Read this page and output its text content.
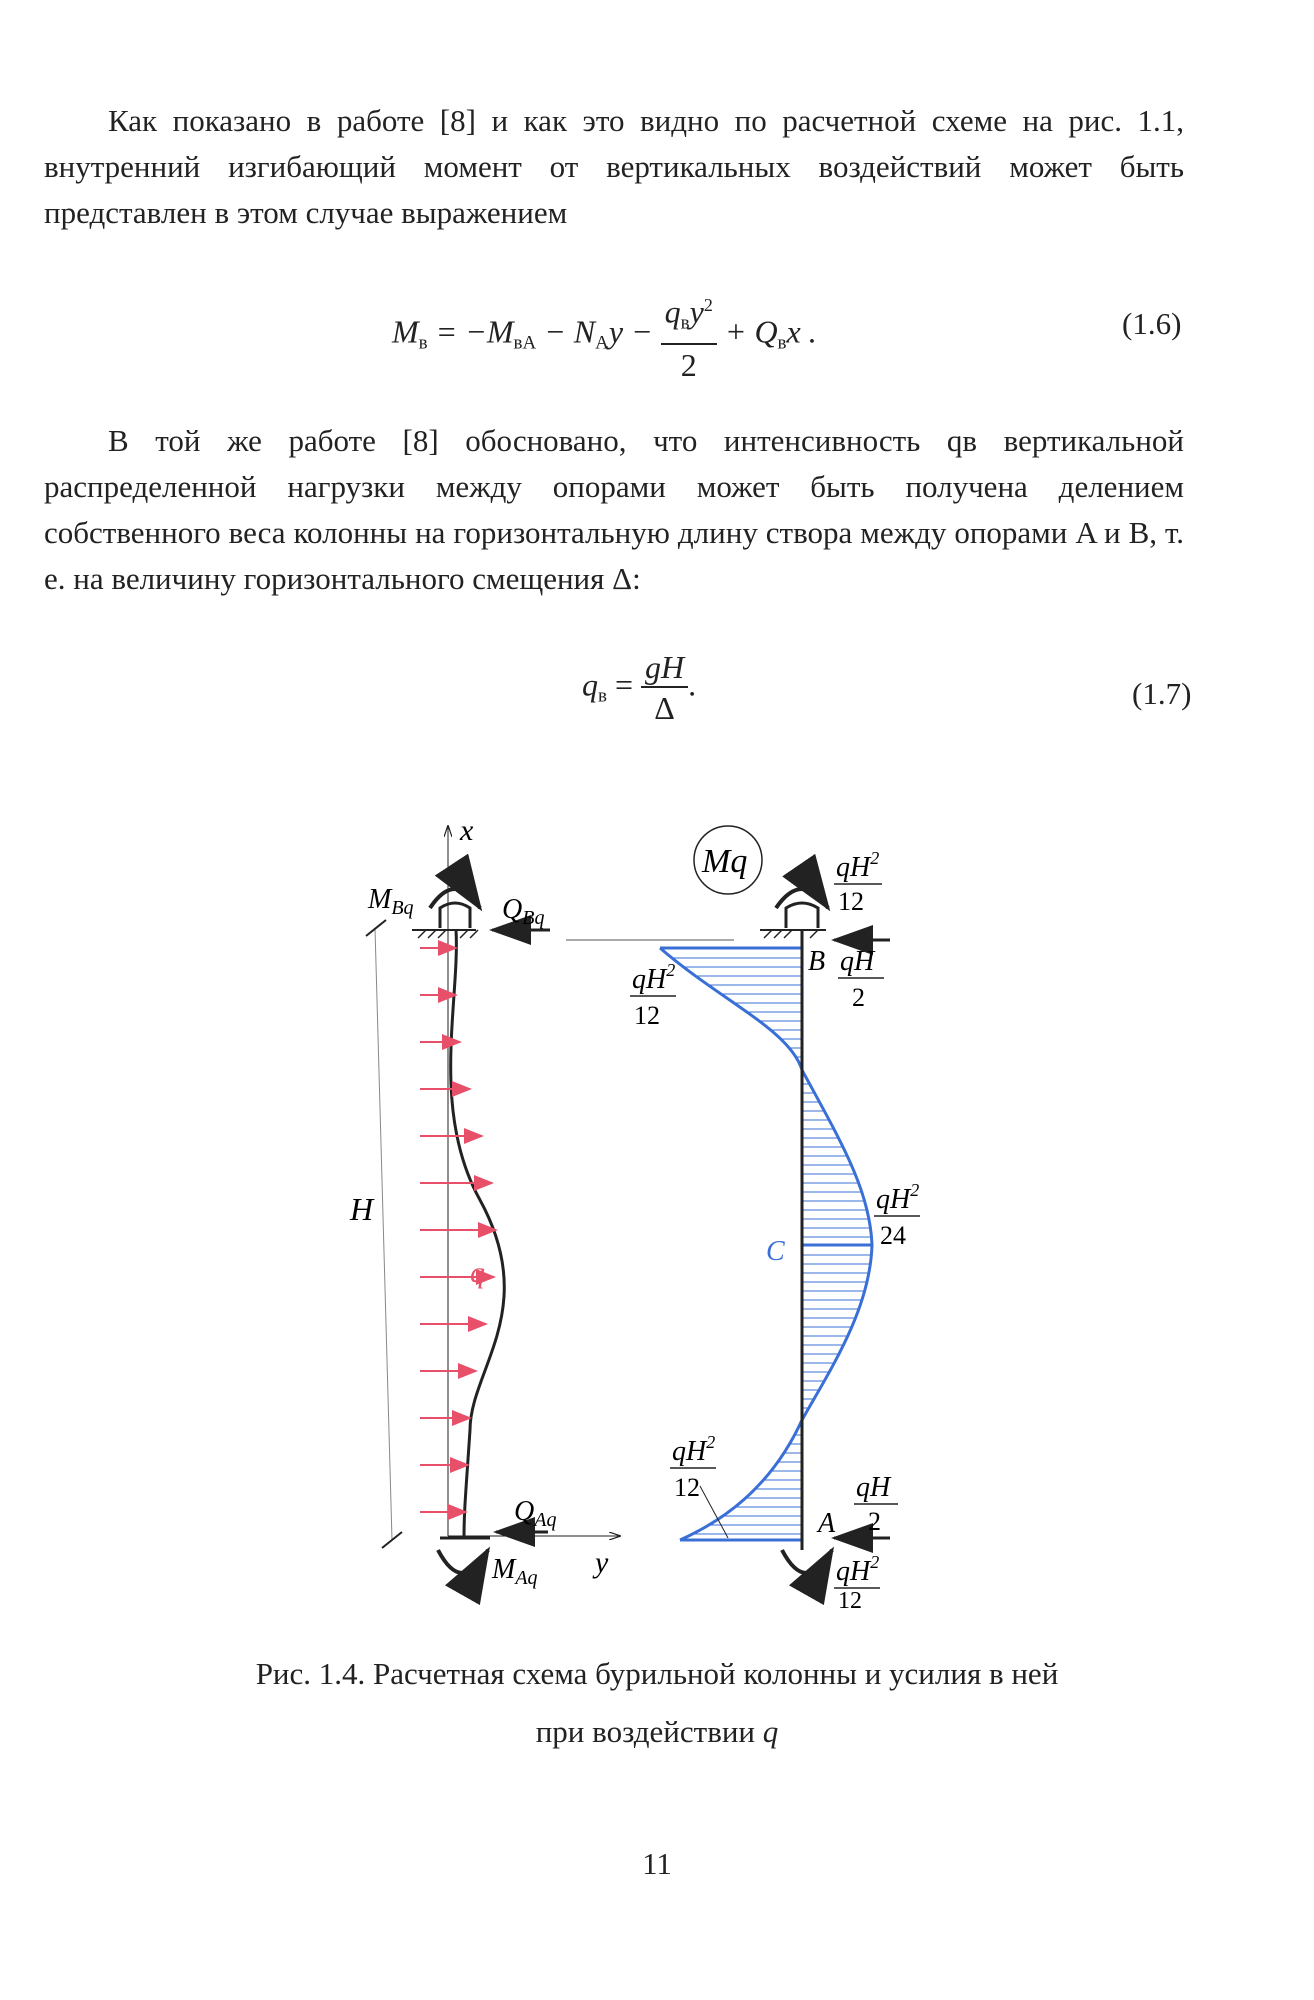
Как показано в работе [8] и как это видно по расчетной схеме на рис. 1.1, внутренний изгибающий момент от вертикальных воздействий может быть представлен в этом случае выражением
$M_в = -M_{вA} - N_Ay - \frac{q_вy^2}{2} + Q_вx$ .	(1.6)
В той же работе [8] обосновано, что интенсивность qв вертикальной распределенной нагрузки между опорами может быть получена делением собственного веса колонны на горизонтальную длину створа между опорами A и B, т. е. на величину горизонтального смещения Δ:
$q_в = \frac{gH}{\Delta}$ .	(1.7)
x
y
H
$M_{Bq}$	$Q_{Bq}$
q
$Q_{Aq}$
$M_{Aq}$
Mq	$qH^2$
12
B qH
2
$qH^2$
12
$qH^2$
24
C
$qH^2$
12
A
qH
2
$qH^2$
12
Рис. 1.4. Расчетная схема бурильной колонны и усилия в ней
при воздействии q
11
